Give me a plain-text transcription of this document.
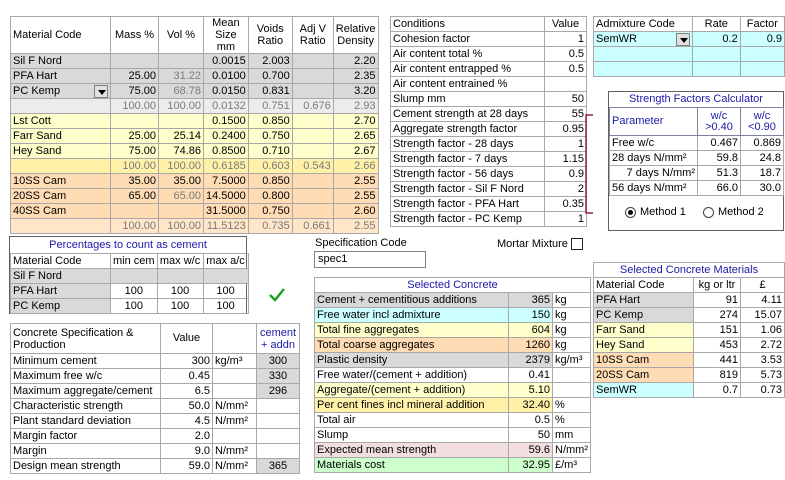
Material Code	Mass %	Vol %	Mean Size mm	Voids Ratio	Adj V Ratio	Relative Density
Sil F Nord			0.0015	2.003		2.20
PFA Hart	25.00	31.22	0.0100	0.700		2.35
PC Kemp	75.00	68.78	0.0150	0.831		3.20
	100.00	100.00	0.0132	0.751	0.676	2.93
Lst Cott			0.1500	0.850		2.70
Farr Sand	25.00	25.14	0.2400	0.750		2.65
Hey Sand	75.00	74.86	0.8500	0.710		2.67
	100.00	100.00	0.6185	0.603	0.543	2.66
10SS Cam	35.00	35.00	7.5000	0.850		2.55
20SS Cam	65.00	65.00	14.5000	0.800		2.55
40SS Cam			31.5000	0.750		2.60
	100.00	100.00	11.5123	0.735	0.661	2.55
Conditions	Value
Cohesion factor	1
Air content total %	0.5
Air content entrapped %	0.5
Air content entrained %	
Slump mm	50
Cement strength at 28 days	55
Aggregate strength factor	0.95
Strength factor - 28 days	1
Strength factor - 7 days	1.15
Strength factor - 56 days	0.9
Strength factor - Sil F Nord	2
Strength factor - PFA Hart	0.35
Strength factor - PC Kemp	1
Admixture Code	Rate	Factor
SemWR	0.2	0.9

Strength Factors Calculator
Parameter	w/c >0.40	w/c <0.90
Free w/c	0.467	0.869
28 days N/mm²	59.8	24.8
7 days N/mm²	51.3	18.7
56 days N/mm²	66.0	30.0
Method 1	Method 2
Percentages to count as cement
Material Code	min cem	max w/c	max a/c
Sil F Nord			
PFA Hart	100	100	100
PC Kemp	100	100	100
Specification Code
spec1
Mortar Mixture
Concrete Specification & Production	Value		cement + addn
Minimum cement	300	kg/m³	300
Maximum free w/c	0.45		330
Maximum aggregate/cement	6.5		296
Characteristic strength	50.0	N/mm²	
Plant standard deviation	4.5	N/mm²	
Margin factor	2.0		
Margin	9.0	N/mm²	
Design mean strength	59.0	N/mm²	365
Selected Concrete		
Cement + cementitious additions	365	kg
Free water incl admixture	150	kg
Total fine aggregates	604	kg
Total coarse aggregates	1260	kg
Plastic density	2379	kg/m³
Free water/(cement + addition)	0.41	
Aggregate/(cement + addition)	5.10	
Per cent fines incl mineral addition	32.40	%
Total air	0.5	%
Slump	50	mm
Expected mean strength	59.6	N/mm²
Materials cost	32.95	£/m³
Selected Concrete Materials		
Material Code	kg or ltr	£
PFA Hart	91	4.11
PC Kemp	274	15.07
Farr Sand	151	1.06
Hey Sand	453	2.72
10SS Cam	441	3.53
20SS Cam	819	5.73
SemWR	0.7	0.73
